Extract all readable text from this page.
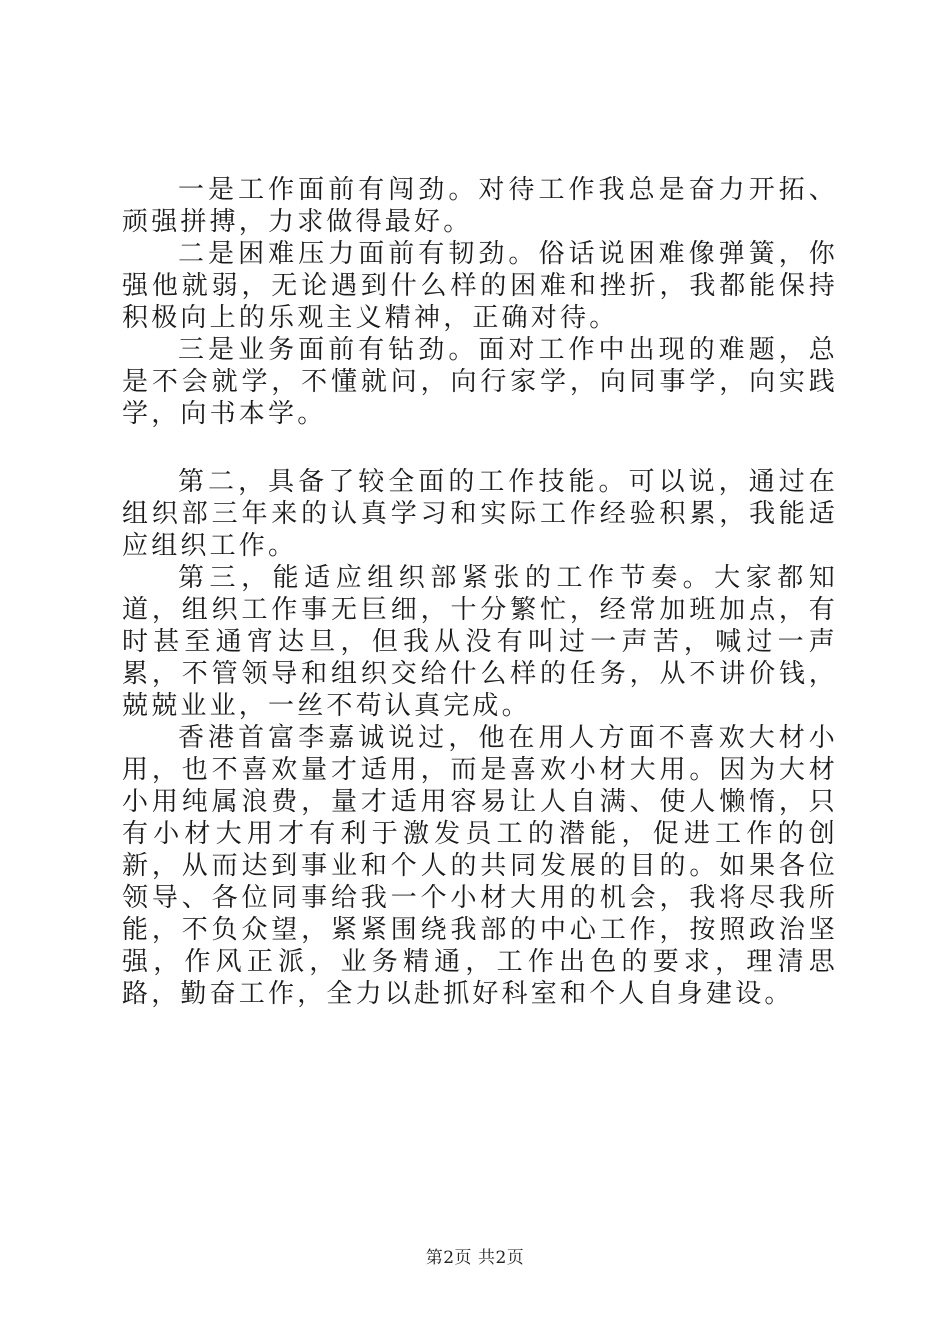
一是工作面前有闯劲。对待工作我总是奋力开拓、顽强拼搏，力求做得最好。

二是困难压力面前有韧劲。俗话说困难像弹簧，你强他就弱，无论遇到什么样的困难和挫折，我都能保持积极向上的乐观主义精神，正确对待。

三是业务面前有钻劲。面对工作中出现的难题，总是不会就学，不懂就问，向行家学，向同事学，向实践学，向书本学。

第二，具备了较全面的工作技能。可以说，通过在组织部三年来的认真学习和实际工作经验积累，我能适应组织工作。

第三，能适应组织部紧张的工作节奏。大家都知道，组织工作事无巨细，十分繁忙，经常加班加点，有时甚至通宵达旦，但我从没有叫过一声苦，喊过一声累，不管领导和组织交给什么样的任务，从不讲价钱，兢兢业业，一丝不苟认真完成。

香港首富李嘉诚说过，他在用人方面不喜欢大材小用，也不喜欢量才适用，而是喜欢小材大用。因为大材小用纯属浪费，量才适用容易让人自满、使人懒惰，只有小材大用才有利于激发员工的潜能，促进工作的创新，从而达到事业和个人的共同发展的目的。如果各位领导、各位同事给我一个小材大用的机会，我将尽我所能，不负众望，紧紧围绕我部的中心工作，按照政治坚强，作风正派，业务精通，工作出色的要求，理清思路，勤奋工作，全力以赴抓好科室和个人自身建设。

第2页 共2页
